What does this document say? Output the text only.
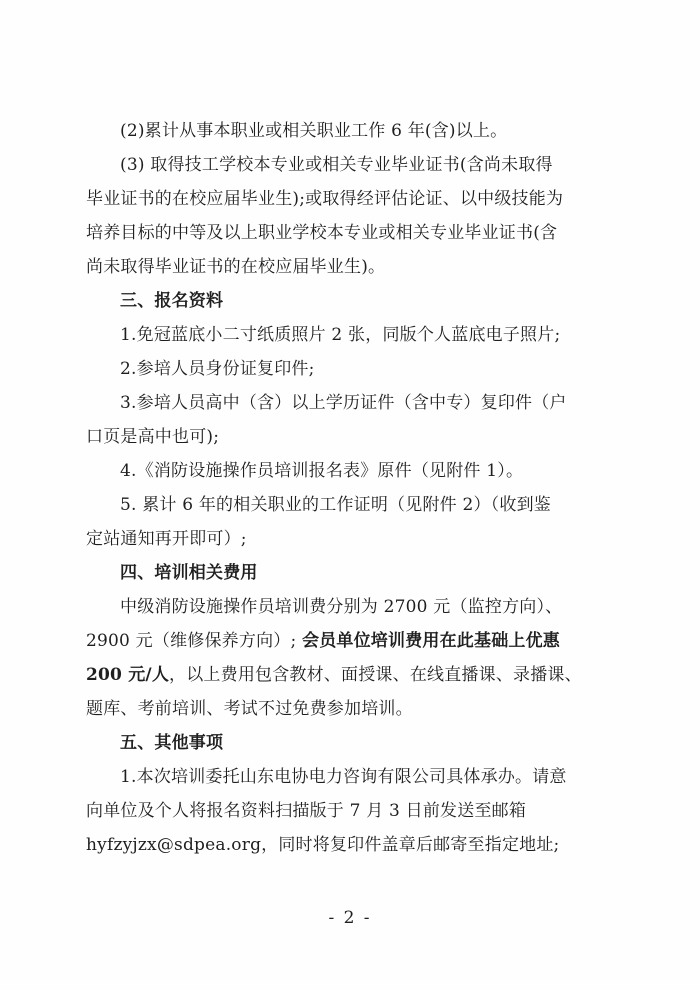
(2)累计从事本职业或相关职业工作 6 年(含)以上。
(3) 取得技工学校本专业或相关专业毕业证书(含尚未取得
毕业证书的在校应届毕业生);或取得经评估论证、以中级技能为
培养目标的中等及以上职业学校本专业或相关专业毕业证书(含
尚未取得毕业证书的在校应届毕业生)。
三、报名资料
1.免冠蓝底小二寸纸质照片 2 张，同版个人蓝底电子照片;
2.参培人员身份证复印件;
3.参培人员高中（含）以上学历证件（含中专）复印件（户
口页是高中也可);
4.《消防设施操作员培训报名表》原件（见附件 1）。
5. 累计 6 年的相关职业的工作证明（见附件 2）（收到鉴
定站通知再开即可）;
四、培训相关费用
中级消防设施操作员培训费分别为 2700 元（监控方向）、
2900 元（维修保养方向）; 会员单位培训费用在此基础上优惠
200 元/人，以上费用包含教材、面授课、在线直播课、录播课、
题库、考前培训、考试不过免费参加培训。
五、其他事项
1.本次培训委托山东电协电力咨询有限公司具体承办。请意
向单位及个人将报名资料扫描版于 7 月 3 日前发送至邮箱
hyfzyjzx@sdpea.org，同时将复印件盖章后邮寄至指定地址;
- 2 -
